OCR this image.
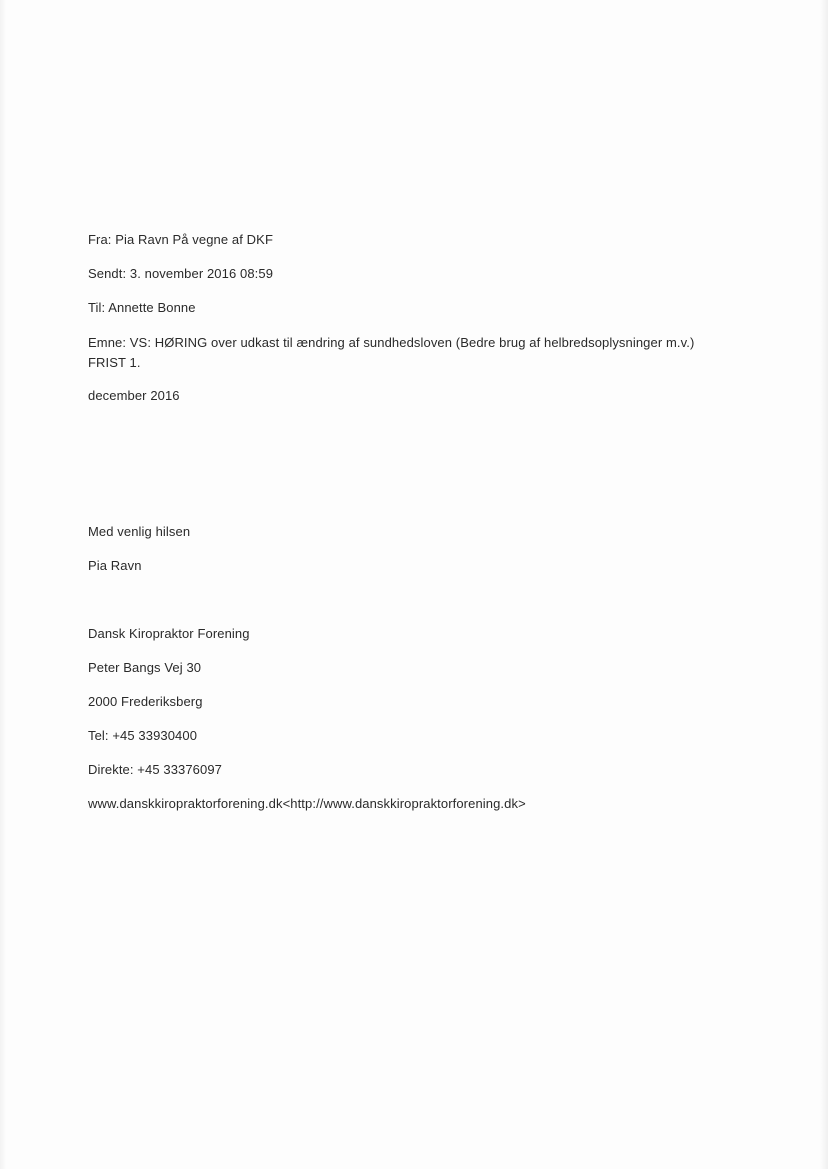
Fra: Pia Ravn På vegne af DKF
Sendt: 3. november 2016 08:59
Til: Annette Bonne
Emne: VS: HØRING over udkast til ændring af sundhedsloven (Bedre brug af helbredsoplysninger m.v.)
FRIST 1.
december 2016
Med venlig hilsen
Pia Ravn
Dansk Kiropraktor Forening
Peter Bangs Vej 30
2000 Frederiksberg
Tel: +45 33930400
Direkte: +45 33376097
www.danskkiropraktorforening.dk<http://www.danskkiropraktorforening.dk>
